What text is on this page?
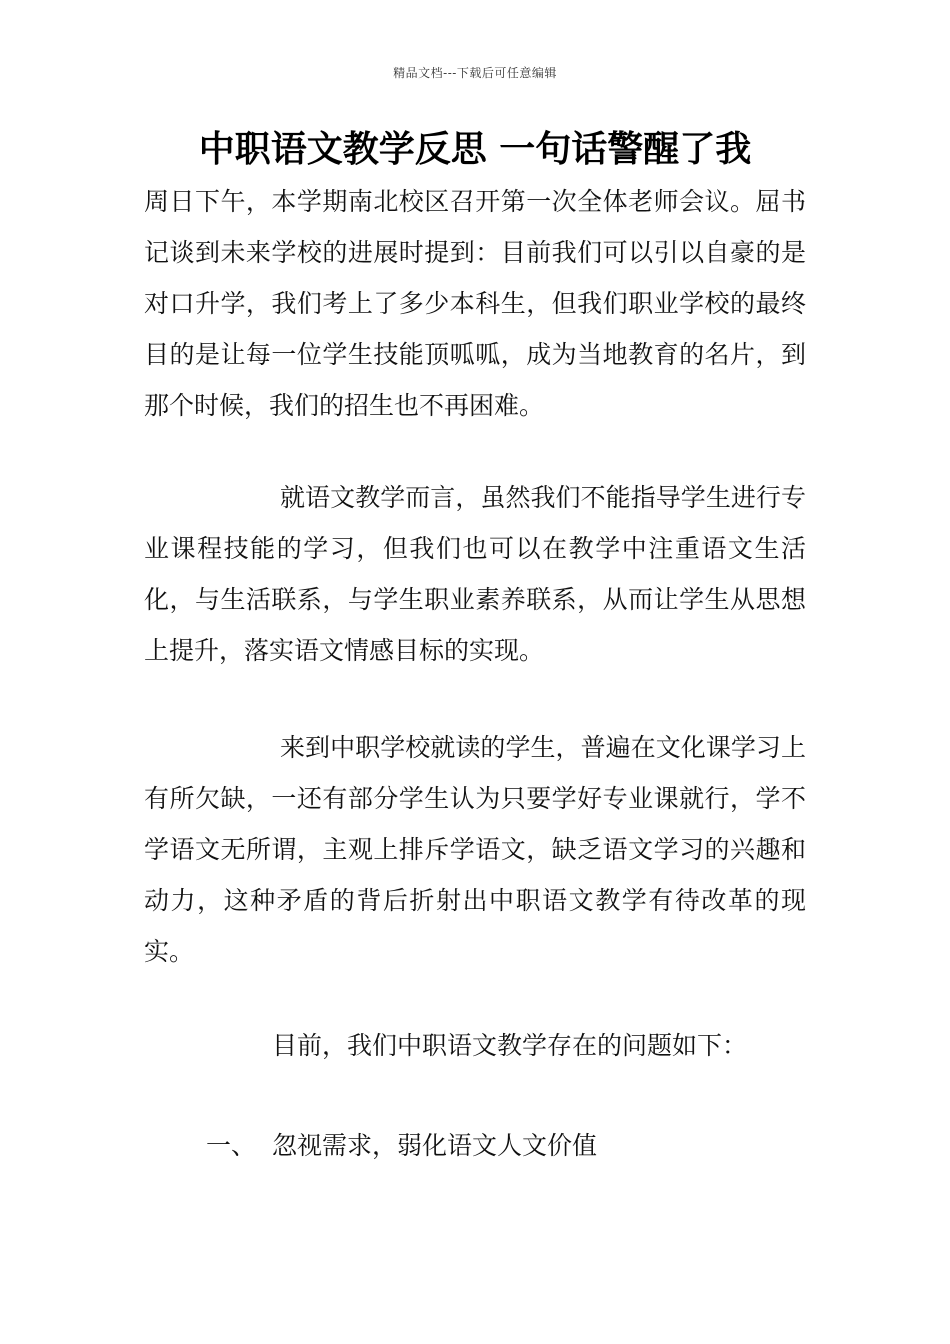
精品文档---下载后可任意编辑
中职语文教学反思 一句话警醒了我

周日下午，本学期南北校区召开第一次全体老师会议。屈书记谈到未来学校的进展时提到：目前我们可以引以自豪的是对口升学，我们考上了多少本科生，但我们职业学校的最终目的是让每一位学生技能顶呱呱，成为当地教育的名片，到那个时候，我们的招生也不再困难。

就语文教学而言，虽然我们不能指导学生进行专业课程技能的学习，但我们也可以在教学中注重语文生活化，与生活联系，与学生职业素养联系，从而让学生从思想上提升，落实语文情感目标的实现。

来到中职学校就读的学生，普遍在文化课学习上有所欠缺，一还有部分学生认为只要学好专业课就行，学不学语文无所谓，主观上排斥学语文，缺乏语文学习的兴趣和动力，这种矛盾的背后折射出中职语文教学有待改革的现实。

目前，我们中职语文教学存在的问题如下：

一、 忽视需求，弱化语文人文价值
